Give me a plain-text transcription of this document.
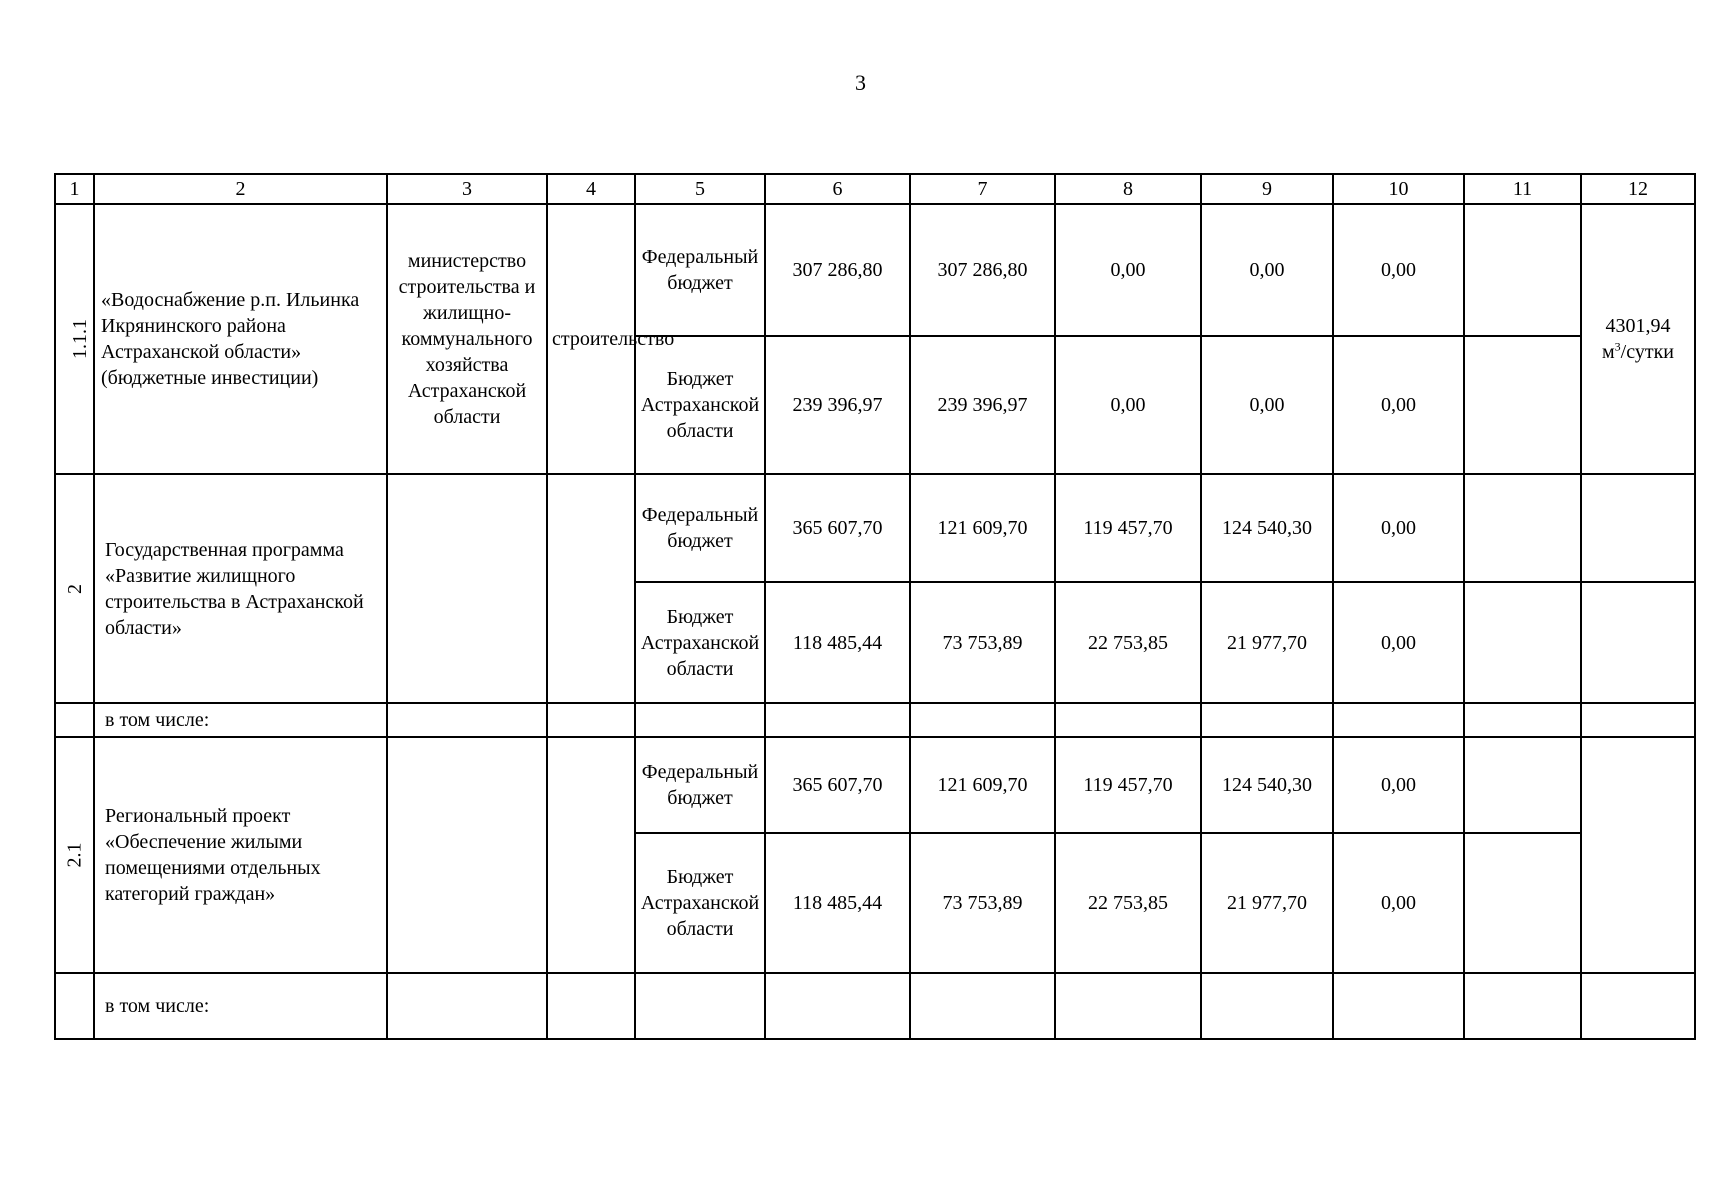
3
1	2	3	4	5	6	7	8	9	10	11	12
1.1.1	«Водоснабжение р.п. Ильинка Икрянинского района Астраханской области» (бюджетные инвестиции)	министерство строительства и жилищно-коммунального хозяйства Астраханской области	строительство	Федеральный бюджет	307 286,80	307 286,80	0,00	0,00	0,00		4301,94
$м^3$/сутки
				Бюджет Астраханской области	239 396,97	239 396,97	0,00	0,00	0,00		
2	Государственная программа «Развитие жилищного строительства в Астраханской области»			Федеральный бюджет	365 607,70	121 609,70	119 457,70	124 540,30	0,00		
				Бюджет Астраханской области	118 485,44	73 753,89	22 753,85	21 977,70	0,00		
	в том числе:										
2.1	Региональный проект «Обеспечение жилыми помещениями отдельных категорий граждан»			Федеральный бюджет	365 607,70	121 609,70	119 457,70	124 540,30	0,00		
				Бюджет Астраханской области	118 485,44	73 753,89	22 753,85	21 977,70	0,00		
	в том числе:										
